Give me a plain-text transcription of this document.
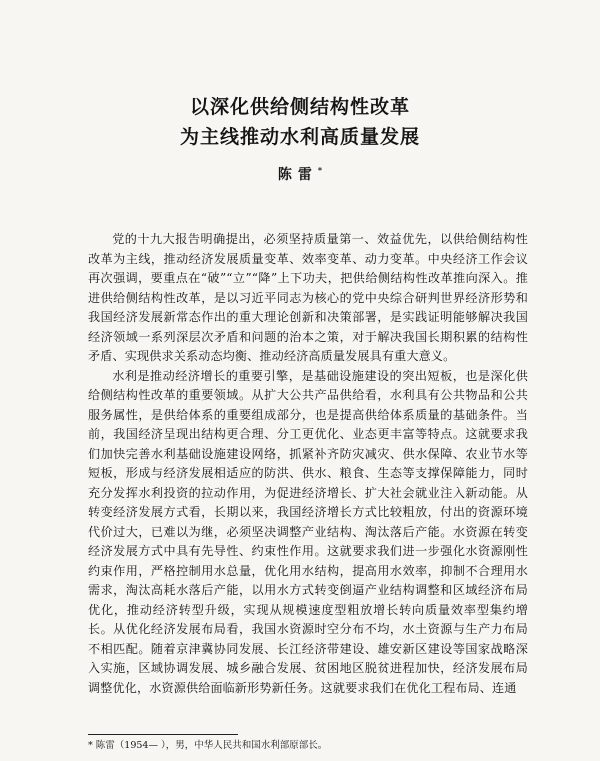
以深化供给侧结构性改革
为主线推动水利高质量发展
陈雷*

党的十九大报告明确提出，必须坚持质量第一、效益优先，以供给侧结构性改革为主线，推动经济发展质量变革、效率变革、动力变革。中央经济工作会议再次强调，要重点在“破”“立”“降”上下功夫，把供给侧结构性改革推向深入。推进供给侧结构性改革，是以习近平同志为核心的党中央综合研判世界经济形势和我国经济发展新常态作出的重大理论创新和决策部署，是实践证明能够解决我国经济领域一系列深层次矛盾和问题的治本之策，对于解决我国长期积累的结构性矛盾、实现供求关系动态均衡、推动经济高质量发展具有重大意义。

水利是推动经济增长的重要引擎，是基础设施建设的突出短板，也是深化供给侧结构性改革的重要领域。从扩大公共产品供给看，水利具有公共物品和公共服务属性，是供给体系的重要组成部分，也是提高供给体系质量的基础条件。当前，我国经济呈现出结构更合理、分工更优化、业态更丰富等特点。这就要求我们加快完善水利基础设施建设网络，抓紧补齐防灾减灾、供水保障、农业节水等短板，形成与经济发展相适应的防洪、供水、粮食、生态等支撑保障能力，同时充分发挥水利投资的拉动作用，为促进经济增长、扩大社会就业注入新动能。从转变经济发展方式看，长期以来，我国经济增长方式比较粗放，付出的资源环境代价过大，已难以为继，必须坚决调整产业结构、淘汰落后产能。水资源在转变经济发展方式中具有先导性、约束性作用。这就要求我们进一步强化水资源刚性约束作用，严格控制用水总量，优化用水结构，提高用水效率，抑制不合理用水需求，淘汰高耗水落后产能，以用水方式转变倒逼产业结构调整和区域经济布局优化，推动经济转型升级，实现从规模速度型粗放增长转向质量效率型集约增长。从优化经济发展布局看，我国水资源时空分布不均，水土资源与生产力布局不相匹配。随着京津冀协同发展、长江经济带建设、雄安新区建设等国家战略深入实施，区域协调发展、城乡融合发展、贫困地区脱贫进程加快，经济发展布局调整优化，水资源供给面临新形势新任务。这就要求我们在优化工程布局、连通

* 陈雷（1954— ），男，中华人民共和国水利部原部长。
